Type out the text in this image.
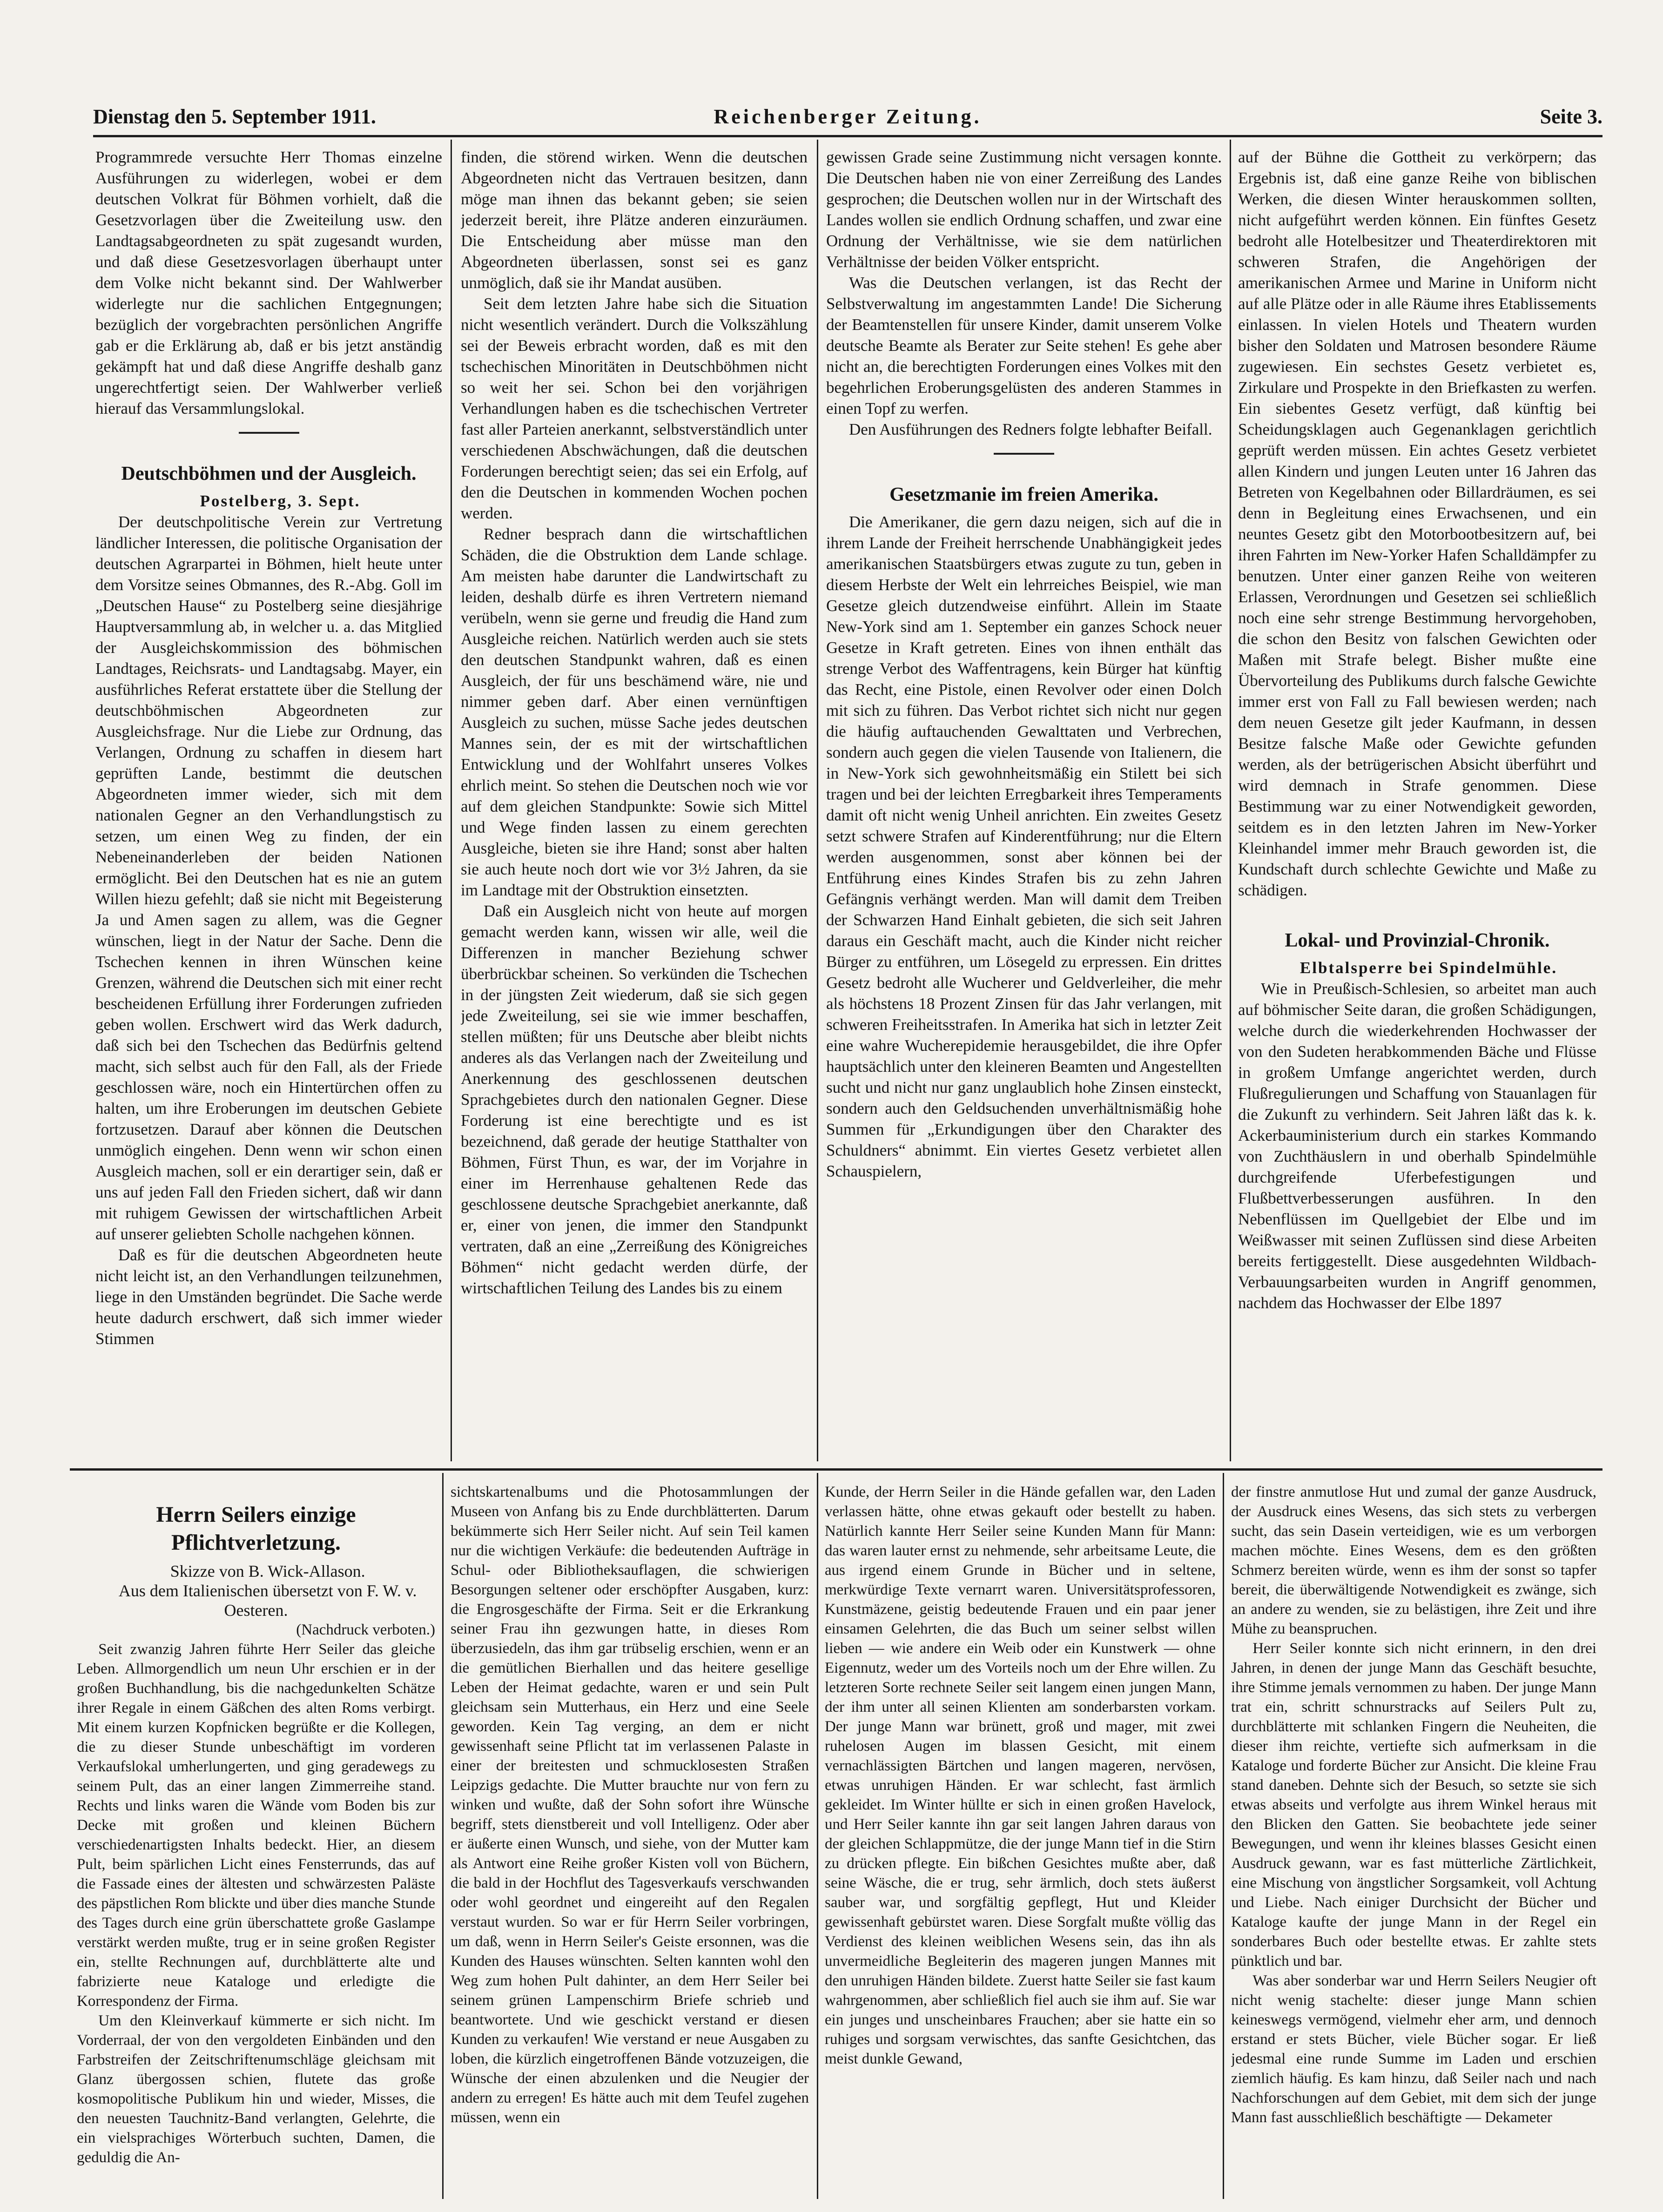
Dienstag den 5. September 1911.	Reichenberger Zeitung.	Seite 3.

Programmrede versuchte Herr Thomas einzelne Ausführungen zu widerlegen, wobei er dem deutschen Volkrat für Böhmen vorhielt, daß die Gesetzvorlagen über die Zweiteilung usw. den Landtagsabgeordneten zu spät zugesandt wurden, und daß diese Gesetzesvorlagen überhaupt unter dem Volke nicht bekannt sind. Der Wahlwerber widerlegte nur die sachlichen Entgegnungen; bezüglich der vorgebrachten persönlichen Angriffe gab er die Erklärung ab, daß er bis jetzt anständig gekämpft hat und daß diese Angriffe deshalb ganz ungerechtfertigt seien. Der Wahlwerber verließ hierauf das Versammlungslokal.

Deutschböhmen und der Ausgleich.

Postelberg, 3. Sept.

Der deutschpolitische Verein zur Vertretung ländlicher Interessen, die politische Organisation der deutschen Agrarpartei in Böhmen, hielt heute unter dem Vorsitze seines Obmannes, des R.-Abg. Goll im „Deutschen Hause“ zu Postelberg seine diesjährige Hauptversammlung ab, in welcher u. a. das Mitglied der Ausgleichskommission des böhmischen Landtages, Reichsrats- und Landtagsabg. Mayer, ein ausführliches Referat erstattete über die Stellung der deutschböhmischen Abgeordneten zur Ausgleichsfrage. Nur die Liebe zur Ordnung, das Verlangen, Ordnung zu schaffen in diesem hart geprüften Lande, bestimmt die deutschen Abgeordneten immer wieder, sich mit dem nationalen Gegner an den Verhandlungstisch zu setzen, um einen Weg zu finden, der ein Nebeneinanderleben der beiden Nationen ermöglicht. Bei den Deutschen hat es nie an gutem Willen hiezu gefehlt; daß sie nicht mit Begeisterung Ja und Amen sagen zu allem, was die Gegner wünschen, liegt in der Natur der Sache. Denn die Tschechen kennen in ihren Wünschen keine Grenzen, während die Deutschen sich mit einer recht bescheidenen Erfüllung ihrer Forderungen zufrieden geben wollen. Erschwert wird das Werk dadurch, daß sich bei den Tschechen das Bedürfnis geltend macht, sich selbst auch für den Fall, als der Friede geschlossen wäre, noch ein Hintertürchen offen zu halten, um ihre Eroberungen im deutschen Gebiete fortzusetzen. Darauf aber können die Deutschen unmöglich eingehen. Denn wenn wir schon einen Ausgleich machen, soll er ein derartiger sein, daß er uns auf jeden Fall den Frieden sichert, daß wir dann mit ruhigem Gewissen der wirtschaftlichen Arbeit auf unserer geliebten Scholle nachgehen können.

Daß es für die deutschen Abgeordneten heute nicht leicht ist, an den Verhandlungen teilzunehmen, liege in den Umständen begründet. Die Sache werde heute dadurch erschwert, daß sich immer wieder Stimmen

finden, die störend wirken. Wenn die deutschen Abgeordneten nicht das Vertrauen besitzen, dann möge man ihnen das bekannt geben; sie seien jederzeit bereit, ihre Plätze anderen einzuräumen. Die Entscheidung aber müsse man den Abgeordneten überlassen, sonst sei es ganz unmöglich, daß sie ihr Mandat ausüben.

Seit dem letzten Jahre habe sich die Situation nicht wesentlich verändert. Durch die Volkszählung sei der Beweis erbracht worden, daß es mit den tschechischen Minoritäten in Deutschböhmen nicht so weit her sei. Schon bei den vorjährigen Verhandlungen haben es die tschechischen Vertreter fast aller Parteien anerkannt, selbstverständlich unter verschiedenen Abschwächungen, daß die deutschen Forderungen berechtigt seien; das sei ein Erfolg, auf den die Deutschen in kommenden Wochen pochen werden.

Redner besprach dann die wirtschaftlichen Schäden, die die Obstruktion dem Lande schlage. Am meisten habe darunter die Landwirtschaft zu leiden, deshalb dürfe es ihren Vertretern niemand verübeln, wenn sie gerne und freudig die Hand zum Ausgleiche reichen. Natürlich werden auch sie stets den deutschen Standpunkt wahren, daß es einen Ausgleich, der für uns beschämend wäre, nie und nimmer geben darf. Aber einen vernünftigen Ausgleich zu suchen, müsse Sache jedes deutschen Mannes sein, der es mit der wirtschaftlichen Entwicklung und der Wohlfahrt unseres Volkes ehrlich meint. So stehen die Deutschen noch wie vor auf dem gleichen Standpunkte: Sowie sich Mittel und Wege finden lassen zu einem gerechten Ausgleiche, bieten sie ihre Hand; sonst aber halten sie auch heute noch dort wie vor 3½ Jahren, da sie im Landtage mit der Obstruktion einsetzten.

Daß ein Ausgleich nicht von heute auf morgen gemacht werden kann, wissen wir alle, weil die Differenzen in mancher Beziehung schwer überbrückbar scheinen. So verkünden die Tschechen in der jüngsten Zeit wiederum, daß sie sich gegen jede Zweiteilung, sei sie wie immer beschaffen, stellen müßten; für uns Deutsche aber bleibt nichts anderes als das Verlangen nach der Zweiteilung und Anerkennung des geschlossenen deutschen Sprachgebietes durch den nationalen Gegner. Diese Forderung ist eine berechtigte und es ist bezeichnend, daß gerade der heutige Statthalter von Böhmen, Fürst Thun, es war, der im Vorjahre in einer im Herrenhause gehaltenen Rede das geschlossene deutsche Sprachgebiet anerkannte, daß er, einer von jenen, die immer den Standpunkt vertraten, daß an eine „Zerreißung des Königreiches Böhmen“ nicht gedacht werden dürfe, der wirtschaftlichen Teilung des Landes bis zu einem

gewissen Grade seine Zustimmung nicht versagen konnte. Die Deutschen haben nie von einer Zerreißung des Landes gesprochen; die Deutschen wollen nur in der Wirtschaft des Landes wollen sie endlich Ordnung schaffen, und zwar eine Ordnung der Verhältnisse, wie sie dem natürlichen Verhältnisse der beiden Völker entspricht.

Was die Deutschen verlangen, ist das Recht der Selbstverwaltung im angestammten Lande! Die Sicherung der Beamtenstellen für unsere Kinder, damit unserem Volke deutsche Beamte als Berater zur Seite stehen! Es gehe aber nicht an, die berechtigten Forderungen eines Volkes mit den begehrlichen Eroberungsgelüsten des anderen Stammes in einen Topf zu werfen.

Den Ausführungen des Redners folgte lebhafter Beifall.

Gesetzmanie im freien Amerika.

Die Amerikaner, die gern dazu neigen, sich auf die in ihrem Lande der Freiheit herrschende Unabhängigkeit jedes amerikanischen Staatsbürgers etwas zugute zu tun, geben in diesem Herbste der Welt ein lehrreiches Beispiel, wie man Gesetze gleich dutzendweise einführt. Allein im Staate New-York sind am 1. September ein ganzes Schock neuer Gesetze in Kraft getreten. Eines von ihnen enthält das strenge Verbot des Waffentragens, kein Bürger hat künftig das Recht, eine Pistole, einen Revolver oder einen Dolch mit sich zu führen. Das Verbot richtet sich nicht nur gegen die häufig auftauchenden Gewalttaten und Verbrechen, sondern auch gegen die vielen Tausende von Italienern, die in New-York sich gewohnheitsmäßig ein Stilett bei sich tragen und bei der leichten Erregbarkeit ihres Temperaments damit oft nicht wenig Unheil anrichten. Ein zweites Gesetz setzt schwere Strafen auf Kinderentführung; nur die Eltern werden ausgenommen, sonst aber können bei der Entführung eines Kindes Strafen bis zu zehn Jahren Gefängnis verhängt werden. Man will damit dem Treiben der Schwarzen Hand Einhalt gebieten, die sich seit Jahren daraus ein Geschäft macht, auch die Kinder nicht reicher Bürger zu entführen, um Lösegeld zu erpressen. Ein drittes Gesetz bedroht alle Wucherer und Geldverleiher, die mehr als höchstens 18 Prozent Zinsen für das Jahr verlangen, mit schweren Freiheitsstrafen. In Amerika hat sich in letzter Zeit eine wahre Wucherepidemie herausgebildet, die ihre Opfer hauptsächlich unter den kleineren Beamten und Angestellten sucht und nicht nur ganz unglaublich hohe Zinsen einsteckt, sondern auch den Geldsuchenden unverhältnismäßig hohe Summen für „Erkundigungen über den Charakter des Schuldners“ abnimmt. Ein viertes Gesetz verbietet allen Schauspielern,

auf der Bühne die Gottheit zu verkörpern; das Ergebnis ist, daß eine ganze Reihe von biblischen Werken, die diesen Winter herauskommen sollten, nicht aufgeführt werden können. Ein fünftes Gesetz bedroht alle Hotelbesitzer und Theaterdirektoren mit schweren Strafen, die Angehörigen der amerikanischen Armee und Marine in Uniform nicht auf alle Plätze oder in alle Räume ihres Etablissements einlassen. In vielen Hotels und Theatern wurden bisher den Soldaten und Matrosen besondere Räume zugewiesen. Ein sechstes Gesetz verbietet es, Zirkulare und Prospekte in den Briefkasten zu werfen. Ein siebentes Gesetz verfügt, daß künftig bei Scheidungsklagen auch Gegenanklagen gerichtlich geprüft werden müssen. Ein achtes Gesetz verbietet allen Kindern und jungen Leuten unter 16 Jahren das Betreten von Kegelbahnen oder Billardräumen, es sei denn in Begleitung eines Erwachsenen, und ein neuntes Gesetz gibt den Motorbootbesitzern auf, bei ihren Fahrten im New-Yorker Hafen Schalldämpfer zu benutzen. Unter einer ganzen Reihe von weiteren Erlassen, Verordnungen und Gesetzen sei schließlich noch eine sehr strenge Bestimmung hervorgehoben, die schon den Besitz von falschen Gewichten oder Maßen mit Strafe belegt. Bisher mußte eine Übervorteilung des Publikums durch falsche Gewichte immer erst von Fall zu Fall bewiesen werden; nach dem neuen Gesetze gilt jeder Kaufmann, in dessen Besitze falsche Maße oder Gewichte gefunden werden, als der betrügerischen Absicht überführt und wird demnach in Strafe genommen. Diese Bestimmung war zu einer Notwendigkeit geworden, seitdem es in den letzten Jahren im New-Yorker Kleinhandel immer mehr Brauch geworden ist, die Kundschaft durch schlechte Gewichte und Maße zu schädigen.

Lokal- und Provinzial-Chronik.

Elbtalsperre bei Spindelmühle.

Wie in Preußisch-Schlesien, so arbeitet man auch auf böhmischer Seite daran, die großen Schädigungen, welche durch die wiederkehrenden Hochwasser der von den Sudeten herabkommenden Bäche und Flüsse in großem Umfange angerichtet werden, durch Flußregulierungen und Schaffung von Stauanlagen für die Zukunft zu verhindern. Seit Jahren läßt das k. k. Ackerbauministerium durch ein starkes Kommando von Zuchthäuslern in und oberhalb Spindelmühle durchgreifende Uferbefestigungen und Flußbettverbesserungen ausführen. In den Nebenflüssen im Quellgebiet der Elbe und im Weißwasser mit seinen Zuflüssen sind diese Arbeiten bereits fertiggestellt. Diese ausgedehnten Wildbach-Verbauungsarbeiten wurden in Angriff genommen, nachdem das Hochwasser der Elbe 1897

Herrn Seilers einzige Pflichtverletzung.

Skizze von B. Wick-Allason.

Aus dem Italienischen übersetzt von F. W. v. Oesteren.

(Nachdruck verboten.)

Seit zwanzig Jahren führte Herr Seiler das gleiche Leben. Allmorgendlich um neun Uhr erschien er in der großen Buchhandlung, bis die nachgedunkelten Schätze ihrer Regale in einem Gäßchen des alten Roms verbirgt. Mit einem kurzen Kopfnicken begrüßte er die Kollegen, die zu dieser Stunde unbeschäftigt im vorderen Verkaufslokal umherlungerten, und ging geradewegs zu seinem Pult, das an einer langen Zimmerreihe stand. Rechts und links waren die Wände vom Boden bis zur Decke mit großen und kleinen Büchern verschiedenartigsten Inhalts bedeckt. Hier, an diesem Pult, beim spärlichen Licht eines Fensterrunds, das auf die Fassade eines der ältesten und schwärzesten Paläste des päpstlichen Rom blickte und über dies manche Stunde des Tages durch eine grün überschattete große Gaslampe verstärkt werden mußte, trug er in seine großen Register ein, stellte Rechnungen auf, durchblätterte alte und fabrizierte neue Kataloge und erledigte die Korrespondenz der Firma.

Um den Kleinverkauf kümmerte er sich nicht. Im Vorderraal, der von den vergoldeten Einbänden und den Farbstreifen der Zeitschriftenumschläge gleichsam mit Glanz übergossen schien, flutete das große kosmopolitische Publikum hin und wieder, Misses, die den neuesten Tauchnitz-Band verlangten, Gelehrte, die ein vielsprachiges Wörterbuch suchten, Damen, die geduldig die An-

sichtskartenalbums und die Photosammlungen der Museen von Anfang bis zu Ende durchblätterten. Darum bekümmerte sich Herr Seiler nicht. Auf sein Teil kamen nur die wichtigen Verkäufe: die bedeutenden Aufträge in Schul- oder Bibliotheksauflagen, die schwierigen Besorgungen seltener oder erschöpfter Ausgaben, kurz: die Engrosgeschäfte der Firma. Seit er die Erkrankung seiner Frau ihn gezwungen hatte, in dieses Rom überzusiedeln, das ihm gar trübselig erschien, wenn er an die gemütlichen Bierhallen und das heitere gesellige Leben der Heimat gedachte, waren er und sein Pult gleichsam sein Mutterhaus, ein Herz und eine Seele geworden. Kein Tag verging, an dem er nicht gewissenhaft seine Pflicht tat im verlassenen Palaste in einer der breitesten und schmucklosesten Straßen Leipzigs gedachte. Die Mutter brauchte nur von fern zu winken und wußte, daß der Sohn sofort ihre Wünsche begriff, stets dienstbereit und voll Intelligenz. Oder aber er äußerte einen Wunsch, und siehe, von der Mutter kam als Antwort eine Reihe großer Kisten voll von Büchern, die bald in der Hochflut des Tagesverkaufs verschwanden oder wohl geordnet und eingereiht auf den Regalen verstaut wurden. So war er für Herrn Seiler vorbringen, um daß, wenn in Herrn Seiler's Geiste ersonnen, was die Kunden des Hauses wünschten. Selten kannten wohl den Weg zum hohen Pult dahinter, an dem Herr Seiler bei seinem grünen Lampenschirm Briefe schrieb und beantwortete. Und wie geschickt verstand er diesen Kunden zu verkaufen! Wie verstand er neue Ausgaben zu loben, die kürzlich eingetroffenen Bände votzuzeigen, die Wünsche der einen abzulenken und die Neugier der andern zu erregen! Es hätte auch mit dem Teufel zugehen müssen, wenn ein

Kunde, der Herrn Seiler in die Hände gefallen war, den Laden verlassen hätte, ohne etwas gekauft oder bestellt zu haben. Natürlich kannte Herr Seiler seine Kunden Mann für Mann: das waren lauter ernst zu nehmende, sehr arbeitsame Leute, die aus irgend einem Grunde in Bücher und in seltene, merkwürdige Texte vernarrt waren. Universitätsprofessoren, Kunstmäzene, geistig bedeutende Frauen und ein paar jener einsamen Gelehrten, die das Buch um seiner selbst willen lieben — wie andere ein Weib oder ein Kunstwerk — ohne Eigennutz, weder um des Vorteils noch um der Ehre willen. Zu letzteren Sorte rechnete Seiler seit langem einen jungen Mann, der ihm unter all seinen Klienten am sonderbarsten vorkam. Der junge Mann war brünett, groß und mager, mit zwei ruhelosen Augen im blassen Gesicht, mit einem vernachlässigten Bärtchen und langen mageren, nervösen, etwas unruhigen Händen. Er war schlecht, fast ärmlich gekleidet. Im Winter hüllte er sich in einen großen Havelock, und Herr Seiler kannte ihn gar seit langen Jahren daraus von der gleichen Schlappmütze, die der junge Mann tief in die Stirn zu drücken pflegte. Ein bißchen Gesichtes mußte aber, daß seine Wäsche, die er trug, sehr ärmlich, doch stets äußerst sauber war, und sorgfältig gepflegt, Hut und Kleider gewissenhaft gebürstet waren. Diese Sorgfalt mußte völlig das Verdienst des kleinen weiblichen Wesens sein, das ihn als unvermeidliche Begleiterin des mageren jungen Mannes mit den unruhigen Händen bildete. Zuerst hatte Seiler sie fast kaum wahrgenommen, aber schließlich fiel auch sie ihm auf. Sie war ein junges und unscheinbares Frauchen; aber sie hatte ein so ruhiges und sorgsam verwischtes, das sanfte Gesichtchen, das meist dunkle Gewand,

der finstre anmutlose Hut und zumal der ganze Ausdruck, der Ausdruck eines Wesens, das sich stets zu verbergen sucht, das sein Dasein verteidigen, wie es um verborgen machen möchte. Eines Wesens, dem es den größten Schmerz bereiten würde, wenn es ihm der sonst so tapfer bereit, die überwältigende Notwendigkeit es zwänge, sich an andere zu wenden, sie zu belästigen, ihre Zeit und ihre Mühe zu beanspruchen.

Herr Seiler konnte sich nicht erinnern, in den drei Jahren, in denen der junge Mann das Geschäft besuchte, ihre Stimme jemals vernommen zu haben. Der junge Mann trat ein, schritt schnurstracks auf Seilers Pult zu, durchblätterte mit schlanken Fingern die Neuheiten, die dieser ihm reichte, vertiefte sich aufmerksam in die Kataloge und forderte Bücher zur Ansicht. Die kleine Frau stand daneben. Dehnte sich der Besuch, so setzte sie sich etwas abseits und verfolgte aus ihrem Winkel heraus mit den Blicken den Gatten. Sie beobachtete jede seiner Bewegungen, und wenn ihr kleines blasses Gesicht einen Ausdruck gewann, war es fast mütterliche Zärtlichkeit, eine Mischung von ängstlicher Sorgsamkeit, voll Achtung und Liebe. Nach einiger Durchsicht der Bücher und Kataloge kaufte der junge Mann in der Regel ein sonderbares Buch oder bestellte etwas. Er zahlte stets pünktlich und bar.

Was aber sonderbar war und Herrn Seilers Neugier oft nicht wenig stachelte: dieser junge Mann schien keineswegs vermögend, vielmehr eher arm, und dennoch erstand er stets Bücher, viele Bücher sogar. Er ließ jedesmal eine runde Summe im Laden und erschien ziemlich häufig. Es kam hinzu, daß Seiler nach und nach Nachforschungen auf dem Gebiet, mit dem sich der junge Mann fast ausschließlich beschäftigte — Dekameter
